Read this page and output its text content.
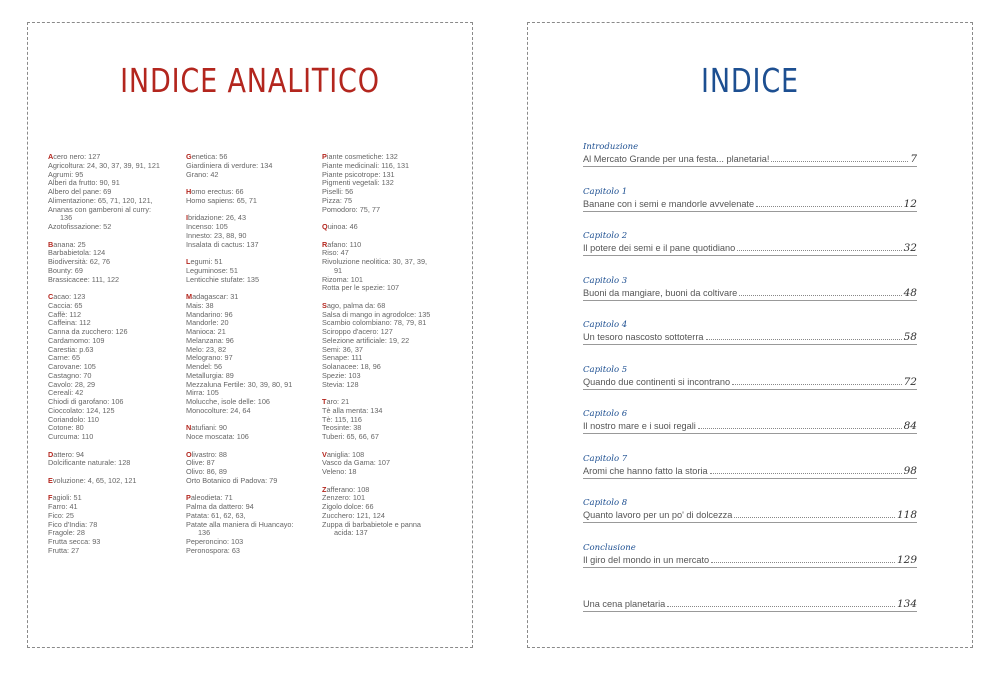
INDICE ANALITICO
Acero nero: 127
Agricoltura: 24, 30, 37, 39, 91, 121
Agrumi: 95
Alberi da frutto: 90, 91
Albero del pane: 69
Alimentazione: 65, 71, 120, 121,
Ananas con gamberoni al curry:
136
Azotofissazione: 52
Banana: 25
Barbabietola: 124
Biodiversità: 62, 76
Bounty: 69
Brassicacee: 111, 122
Cacao: 123
Caccia: 65
Caffè: 112
Caffeina: 112
Canna da zucchero: 126
Cardamomo: 109
Carestia: p.63
Carne: 65
Carovane: 105
Castagno: 70
Cavolo: 28, 29
Cereali: 42
Chiodi di garofano: 106
Cioccolato: 124, 125
Coriandolo: 110
Cotone: 80
Curcuma: 110
Dattero: 94
Dolcificante naturale: 128
Evoluzione: 4, 65, 102, 121
Fagioli: 51
Farro: 41
Fico: 25
Fico d'India: 78
Fragole: 28
Frutta secca: 93
Frutta: 27
Genetica: 56
Giardiniera di verdure: 134
Grano: 42
Homo erectus: 66
Homo sapiens: 65, 71
Ibridazione: 26, 43
Incenso: 105
Innesto: 23, 88, 90
Insalata di cactus: 137
Legumi: 51
Leguminose: 51
Lenticchie stufate: 135
Madagascar: 31
Mais: 38
Mandarino: 96
Mandorle: 20
Manioca: 21
Melanzana: 96
Melo: 23, 82
Melograno: 97
Mendel: 56
Metallurgia: 89
Mezzaluna Fertile: 30, 39, 80, 91
Mirra: 105
Molucche, isole delle: 106
Monocolture: 24, 64
Natufiani: 90
Noce moscata: 106
Olivastro: 88
Olive: 87
Olivo: 86, 89
Orto Botanico di Padova: 79
Paleodieta: 71
Palma da dattero: 94
Patata: 61, 62, 63,
Patate alla maniera di Huancayo:
136
Peperoncino: 103
Peronospora: 63
Piante cosmetiche: 132
Piante medicinali: 116, 131
Piante psicotrope: 131
Pigmenti vegetali: 132
Piselli: 56
Pizza: 75
Pomodoro: 75, 77
Quinoa: 46
Rafano: 110
Riso: 47
Rivoluzione neolitica: 30, 37, 39,
91
Rizoma: 101
Rotta per le spezie: 107
Sago, palma da: 68
Salsa di mango in agrodolce: 135
Scambio colombiano: 78, 79, 81
Sciroppo d'acero: 127
Selezione artificiale: 19, 22
Semi: 36, 37
Senape: 111
Solanacee: 18, 96
Spezie: 103
Stevia: 128
Taro: 21
Tè alla menta: 134
Tè: 115, 116
Teosinte: 38
Tuberi: 65, 66, 67
Vaniglia: 108
Vasco da Gama: 107
Veleno: 18
Zafferano: 108
Zenzero: 101
Zigolo dolce: 66
Zucchero: 121, 124
Zuppa di barbabietole e panna
acida: 137
INDICE
Introduzione
Al Mercato Grande per una festa... planetaria!	7
Capitolo 1
Banane con i semi e mandorle avvelenate	12
Capitolo 2
Il potere dei semi e il pane quotidiano	32
Capitolo 3
Buoni da mangiare, buoni da coltivare	48
Capitolo 4
Un tesoro nascosto sottoterra	58
Capitolo 5
Quando due continenti si incontrano	72
Capitolo 6
Il nostro mare e i suoi regali	84
Capitolo 7
Aromi che hanno fatto la storia	98
Capitolo 8
Quanto lavoro per un po' di dolcezza	118
Conclusione
Il giro del mondo in un mercato	129
Una cena planetaria	134
